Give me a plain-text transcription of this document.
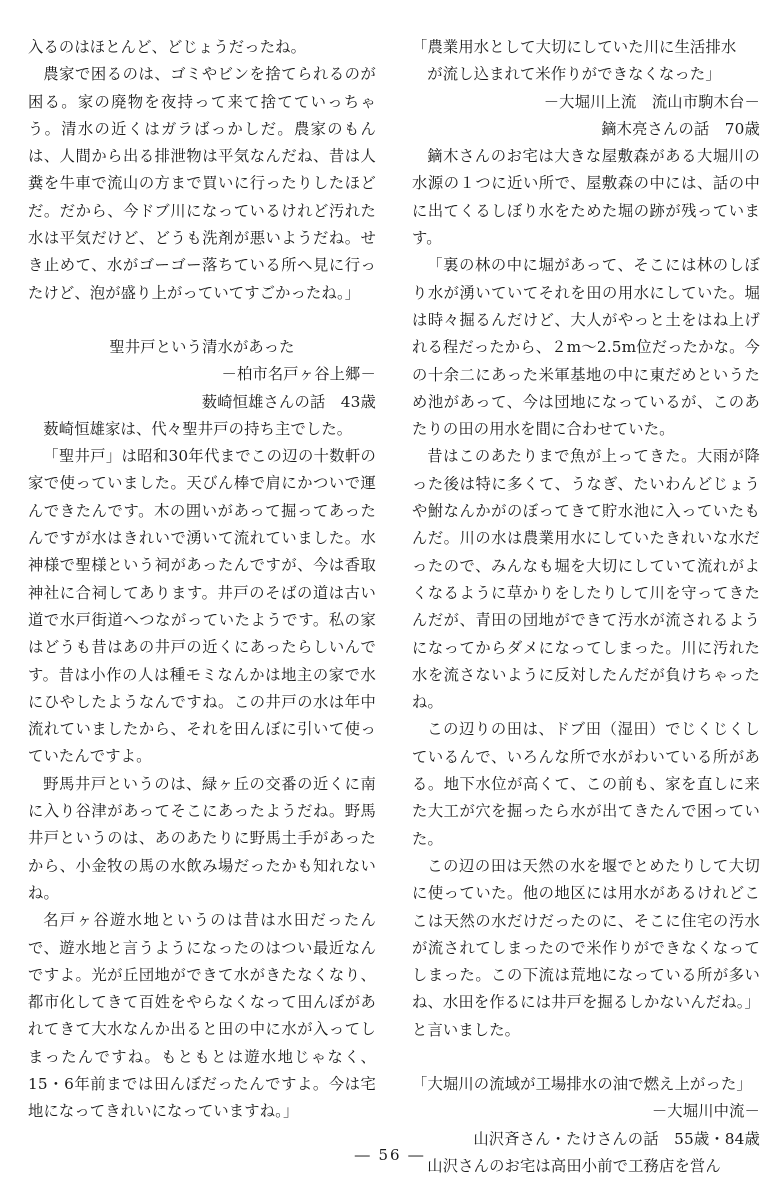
入るのはほとんど、どじょうだったね。

農家で困るのは、ゴミやビンを捨てられるのが困る。家の廃物を夜持って来て捨てていっちゃう。清水の近くはガラばっかしだ。農家のもんは、人間から出る排泄物は平気なんだね、昔は人糞を牛車で流山の方まで買いに行ったりしたほどだ。だから、今ドブ川になっているけれど汚れた水は平気だけど、どうも洗剤が悪いようだね。せき止めて、水がゴーゴー落ちている所へ見に行ったけど、泡が盛り上がっていてすごかったね。」

聖井戸という清水があった
－柏市名戸ヶ谷上郷－
薮崎恒雄さんの話　43歳

薮崎恒雄家は、代々聖井戸の持ち主でした。

「聖井戸」は昭和30年代までこの辺の十数軒の家で使っていました。天びん棒で肩にかついで運んできたんです。木の囲いがあって掘ってあったんですが水はきれいで湧いて流れていました。水神様で聖様という祠があったんですが、今は香取神社に合祠してあります。井戸のそばの道は古い道で水戸街道へつながっていたようです。私の家はどうも昔はあの井戸の近くにあったらしいんです。昔は小作の人は種モミなんかは地主の家で水にひやしたようなんですね。この井戸の水は年中流れていましたから、それを田んぼに引いて使っていたんですよ。

野馬井戸というのは、緑ヶ丘の交番の近くに南に入り谷津があってそこにあったようだね。野馬井戸というのは、あのあたりに野馬土手があったから、小金牧の馬の水飲み場だったかも知れないね。

名戸ヶ谷遊水地というのは昔は水田だったんで、遊水地と言うようになったのはつい最近なんですよ。光が丘団地ができて水がきたなくなり、都市化してきて百姓をやらなくなって田んぼがあれてきて大水なんか出ると田の中に水が入ってしまったんですね。もともとは遊水地じゃなく、15・6年前までは田んぼだったんですよ。今は宅地になってきれいになっていますね。」

「農業用水として大切にしていた川に生活排水
が流し込まれて米作りができなくなった」
－大堀川上流　流山市駒木台－
鏑木亮さんの話　70歳

鏑木さんのお宅は大きな屋敷森がある大堀川の水源の１つに近い所で、屋敷森の中には、話の中に出てくるしぼり水をためた堀の跡が残っています。

「裏の林の中に堀があって、そこには林のしぼり水が湧いていてそれを田の用水にしていた。堀は時々掘るんだけど、大人がやっと土をはね上げれる程だったから、２m～2.5m位だったかな。今の十余二にあった米軍基地の中に東だめというため池があって、今は団地になっているが、このあたりの田の用水を間に合わせていた。

昔はこのあたりまで魚が上ってきた。大雨が降った後は特に多くて、うなぎ、たいわんどじょうや鮒なんかがのぼってきて貯水池に入っていたもんだ。川の水は農業用水にしていたきれいな水だったので、みんなも堀を大切にしていて流れがよくなるように草かりをしたりして川を守ってきたんだが、青田の団地ができて汚水が流されるようになってからダメになってしまった。川に汚れた水を流さないように反対したんだが負けちゃったね。

この辺りの田は、ドブ田（湿田）でじくじくしているんで、いろんな所で水がわいている所がある。地下水位が高くて、この前も、家を直しに来た大工が穴を掘ったら水が出てきたんで困っていた。

この辺の田は天然の水を堰でとめたりして大切に使っていた。他の地区には用水があるけれどここは天然の水だけだったのに、そこに住宅の汚水が流されてしまったので米作りができなくなってしまった。この下流は荒地になっている所が多いね、水田を作るには井戸を掘るしかないんだね。」と言いました。

「大堀川の流域が工場排水の油で燃え上がった」
－大堀川中流－
山沢斉さん・たけさんの話　55歳・84歳

山沢さんのお宅は高田小前で工務店を営ん

― 56 ―
